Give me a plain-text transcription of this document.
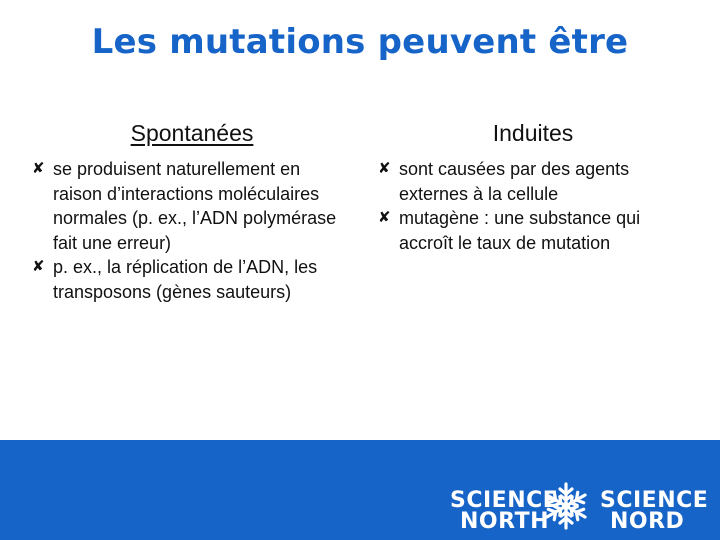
Les mutations peuvent être
Spontanées
✘ se produisent naturellement en raison d’interactions moléculaires normales (p. ex., l’ADN polymérase fait une erreur)
✘ p. ex., la réplication de l’ADN, les transposons (gènes sauteurs)
Induites
✘ sont causées par des agents externes à la cellule
✘ mutagène : une substance qui accroît le taux de mutation
SCIENCE
NORTH
SCIENCE
NORD
